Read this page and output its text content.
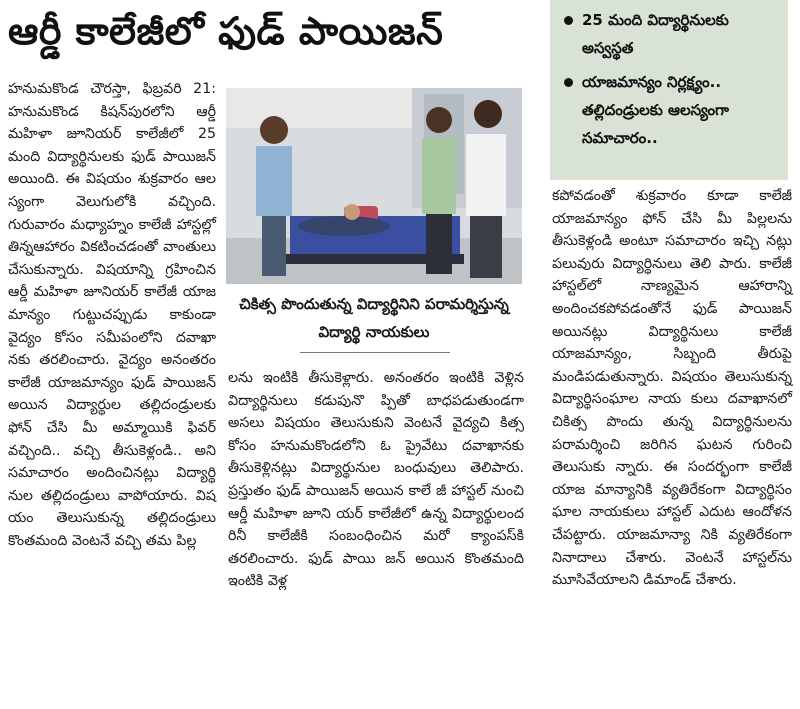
ఆర్డీ కాలేజీలో ఫుడ్ పాయిజన్	25 మంది విద్యార్థినులకు అస్వస్థత
యాజమాన్యం నిర్లక్ష్యం.. తల్లిదండ్రులకు ఆలస్యంగా సమాచారం..

హనుమకొండ చౌరస్తా, ఫిబ్రవరి 21: హనుమకొండ కిషన్‌పురలోని ఆర్డీ మహిళా జూనియర్ కాలేజీలో 25 మంది విద్యార్థినులకు ఫుడ్ పాయిజన్ అయింది. ఈ విషయం శుక్రవారం ఆల స్యంగా వెలుగులోకి వచ్చింది. గురువారం మధ్యాహ్నం కాలేజీ హాస్టల్లో తిన్నఆహారం వికటించడంతో వాంతులు చేసుకున్నారు. విషయాన్ని గ్రహించిన ఆర్డీ మహిళా జూనియర్ కాలేజీ యాజ మాన్యం గుట్టుచప్పుడు కాకుండా వైద్యం కోసం సమీపంలోని దవాఖా నకు తరలించారు. వైద్యం అనంతరం కాలేజీ యాజమాన్యం ఫుడ్ పాయిజన్ అయిన విద్యార్థుల తల్లిదండ్రులకు ఫోన్ చేసి మీ అమ్మాయికి ఫివర్ వచ్చింది.. వచ్చి తీసుకెళ్లండి.. అని సమాచారం అందించినట్లు విద్యార్థి నుల తల్లిదండ్రులు వాపోయారు. విష యం తెలుసుకున్న తల్లిదండ్రులు కొంతమంది వెంటనే వచ్చి తమ పిల్ల

చికిత్స పొందుతున్న విద్యార్థినిని పరామర్శిస్తున్న విద్యార్థి నాయకులు

లను ఇంటికి తీసుకెళ్లారు. అనంతరం ఇంటికి వెళ్లిన విద్యార్థినులు కడుపునొ ప్పితో బాధపడుతుండగా అసలు విషయం తెలుసుకుని వెంటనే వైద్యచి కిత్స కోసం హనుమకొండలోని ఓ ప్రైవేటు దవాఖానకు తీసుకెళ్లినట్లు విద్యార్థునుల బంధువులు తెలిపారు. ప్రస్తుతం ఫుడ్ పాయిజన్ అయిన కాలే జీ హాస్టల్ నుంచి ఆర్డీ మహిళా జూని యర్ కాలేజీలో ఉన్న విద్యార్థులంద రినీ కాలేజీకి సంబంధించిన మరో క్యాంపస్‌కి తరలించారు. ఫుడ్ పాయి జన్ అయిన కొంతమంది ఇంటికి వెళ్ల

కపోవడంతో శుక్రవారం కూడా కాలేజీ యాజమాన్యం ఫోన్ చేసి మీ పిల్లలను తీసుకెళ్లండి అంటూ సమాచారం ఇచ్చి నట్లు పలువురు విద్యార్థినులు తెలి పారు. కాలేజీ హాస్టల్‌లో నాణ్యమైన ఆహారాన్ని అందించకపోవడంతోనే ఫుడ్ పాయిజన్ అయినట్లు విద్యార్థినులు కాలేజీ యాజమాన్యం, సిబ్బంది తీరుపై మండిపడుతున్నారు. విషయం తెలుసుకున్న విద్యార్థిసంఘాల నాయ కులు దవాఖానలో చికిత్స పొందు తున్న విద్యార్థినులను పరామర్శించి జరిగిన ఘటన గురించి తెలుసుకు న్నారు. ఈ సందర్భంగా కాలేజీ యాజ మాన్యానికి వ్యతిరేకంగా విద్యార్థిసం ఘాల నాయకులు హాస్టల్ ఎదుట ఆందోళన చేపట్టారు. యాజమాన్యా నికి వ్యతిరేకంగా నినాదాలు చేశారు. వెంటనే హాస్టల్‌ను మూసివేయాలని డిమాండ్ చేశారు.
